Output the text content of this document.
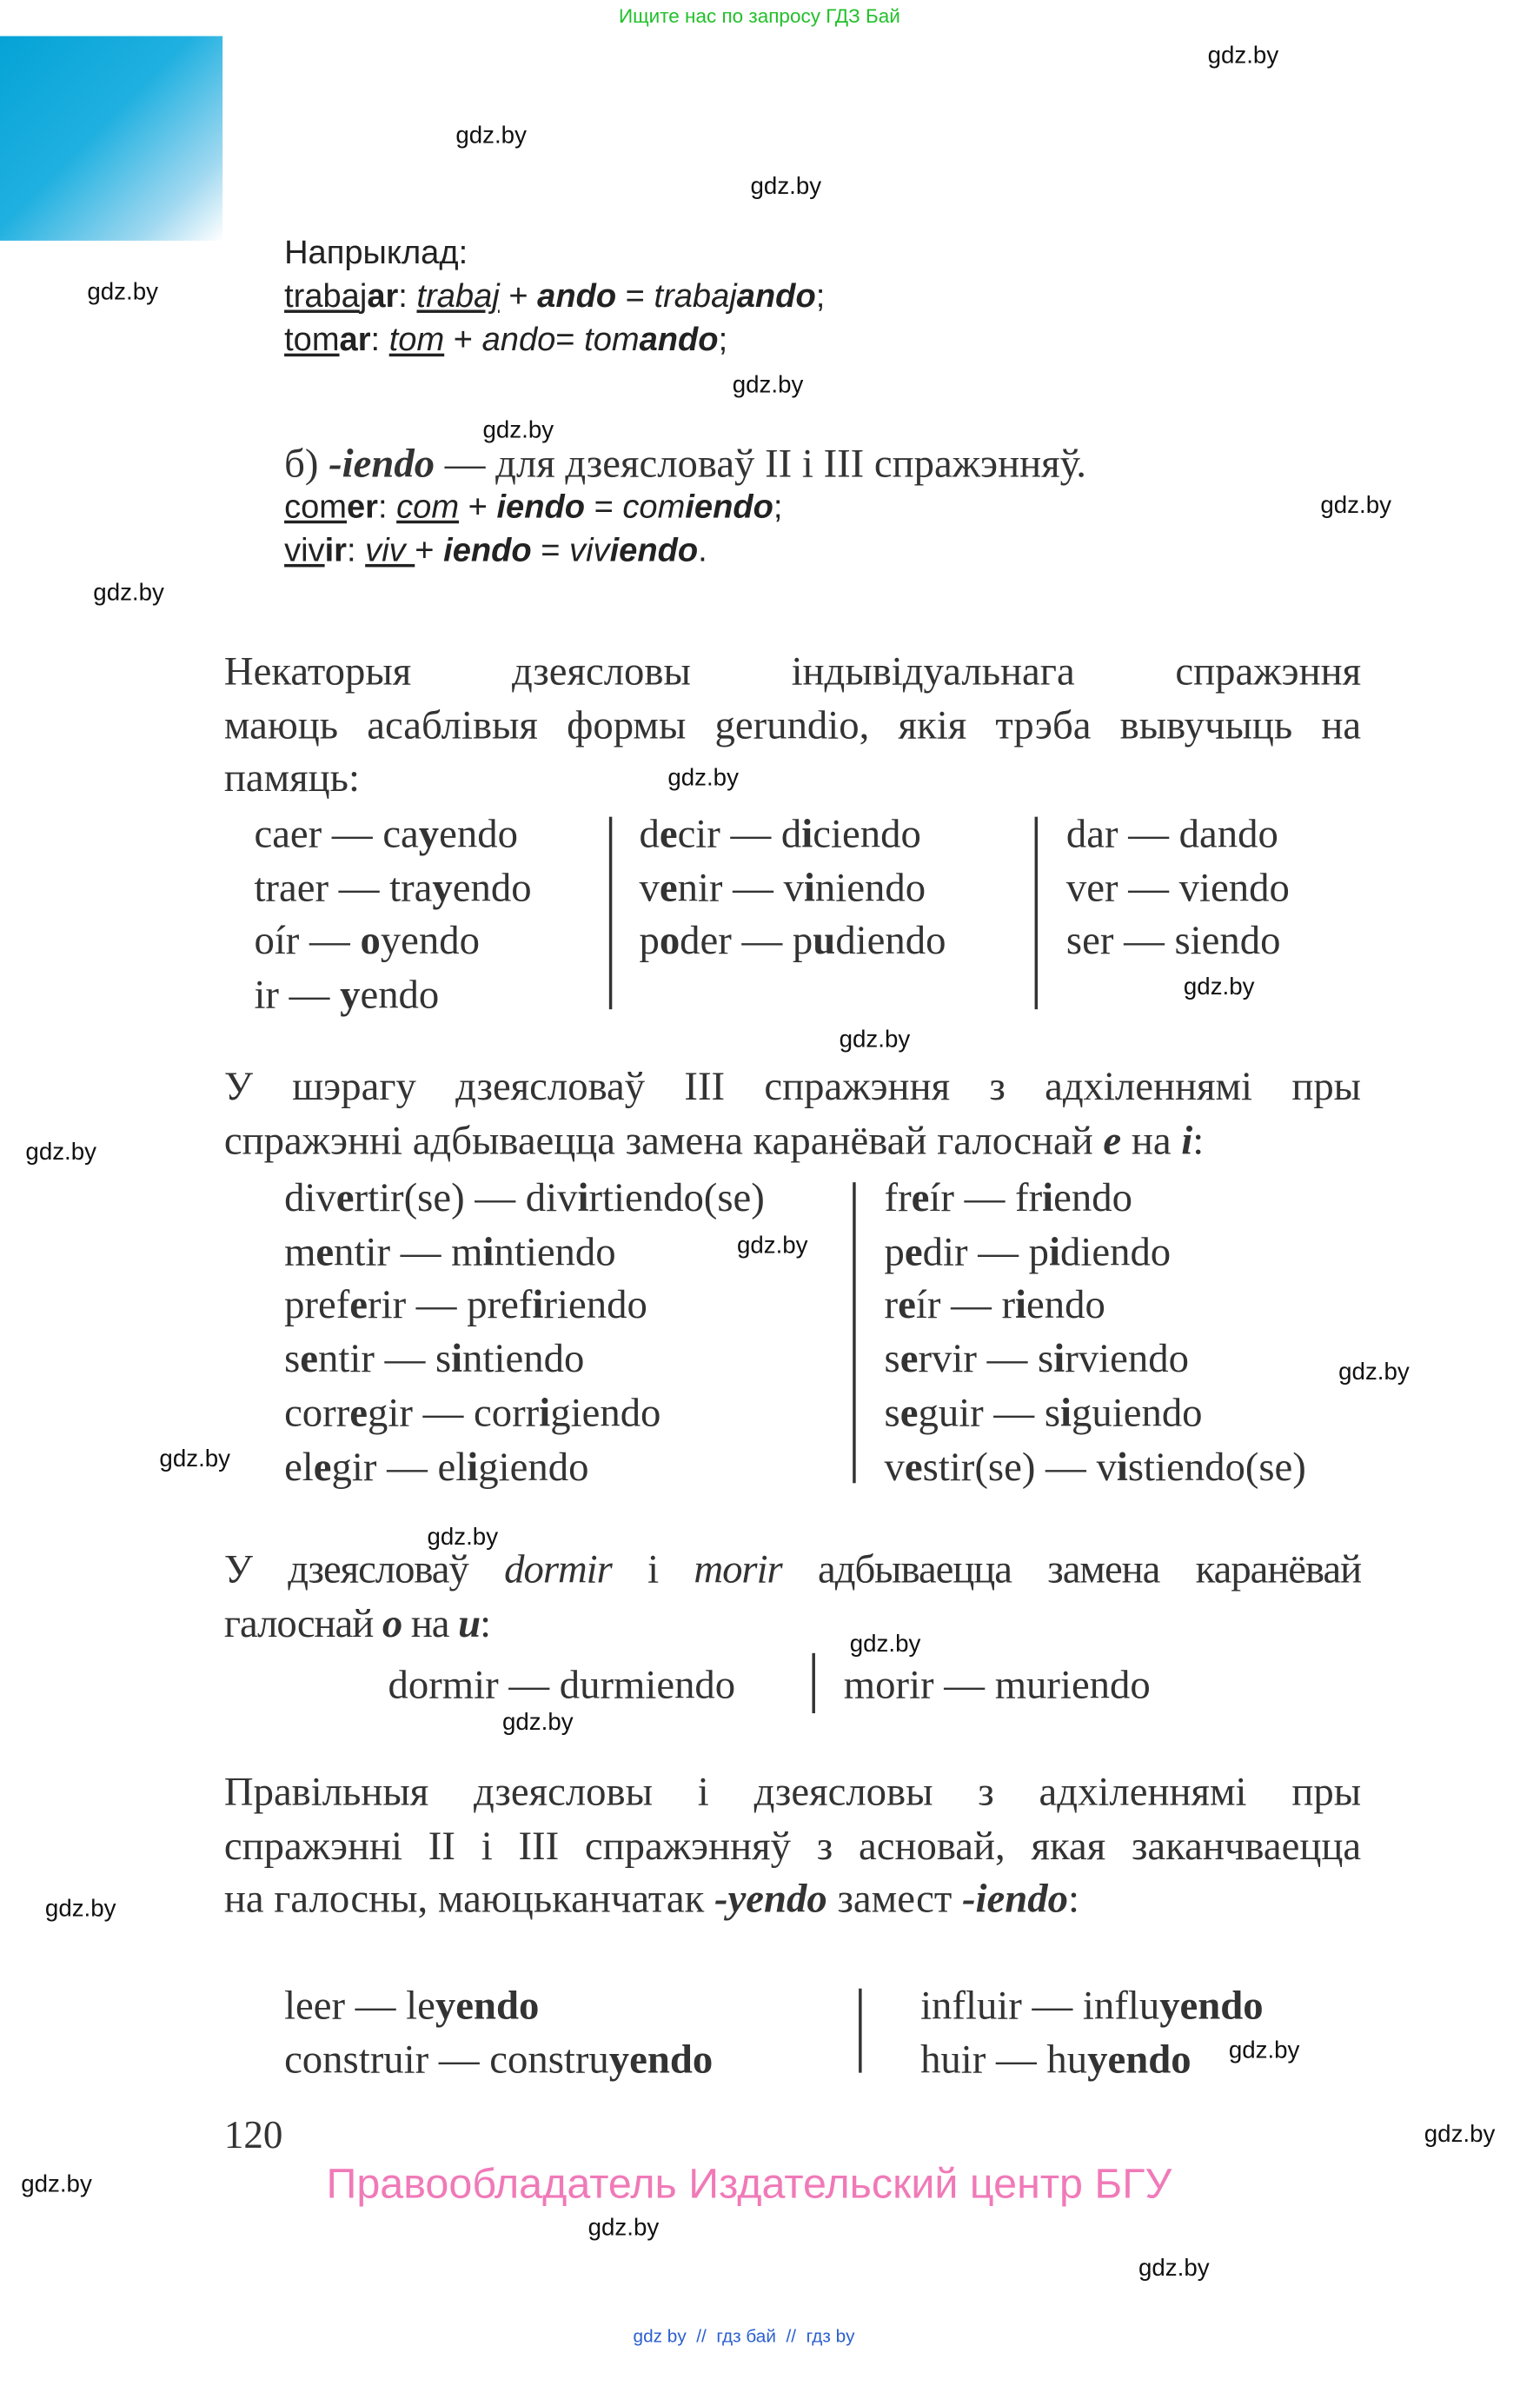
Ищите нас по запросу ГДЗ Бай
gdz.by
gdz.by
gdz.by
gdz.by
gdz.by
gdz.by
gdz.by
gdz.by
gdz.by
gdz.by
gdz.by
gdz.by
gdz.by
gdz.by
gdz.by
gdz.by
gdz.by
gdz.by
gdz.by
gdz.by
gdz.by
gdz.by
gdz.by
gdz.by
Напрыклад:
trabajar: trabaj + ando = trabajando;
tomar: tom + ando= tomando;
б) -iendo — для дзеясловаў II і III спражэнняў.
comer: com + iendo = comiendo;
vivir: viv + iendo = viviendo.
Некаторыя дзеясловы індывідуальнага спражэння
маюць асаблівыя формы gerundio, якія трэба вывучыць на
памяць:
caer — cayendo
traer — trayendo
oír — oyendo
ir — yendo
decir — diciendo
venir — viniendo
poder — pudiendo
dar — dando
ver — viendo
ser — siendo
У шэрагу дзеясловаў III спражэння з адхіленнямі пры
спражэнні адбываецца замена каранёвай галоснай e на i:
divertir(se) — divirtiendo(se)
mentir — mintiendo
preferir — prefiriendo
sentir — sintiendo
corregir — corrigiendo
elegir — eligiendo
freír — friendo
pedir — pidiendo
reír — riendo
servir — sirviendo
seguir — siguiendo
vestir(se) — vistiendo(se)
У дзеясловаў dormir і morir адбываецца замена каранёвай
галоснай o на u:
dormir — durmiendo	morir — muriendo
Правільныя дзеясловы і дзеясловы з адхіленнямі пры
спражэнні II і III спражэнняў з асновай, якая заканчваецца
на галосны, маюцьканчатак -yendo замест -iendo:
leer — leyendo
construir — construyendo
influir — influyendo
huir — huyendo
120
Правообладатель Издательский центр БГУ
gdz by  //  гдз бай  //  гдз by
